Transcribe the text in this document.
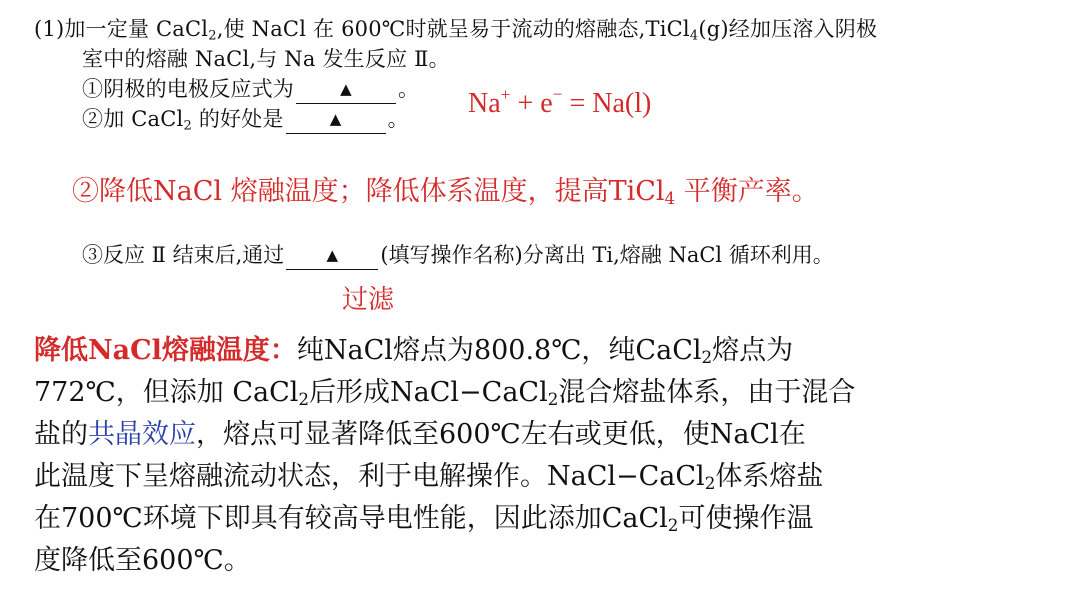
(1)加一定量 CaCl$_2$,使 NaCl 在 600℃时就呈易于流动的熔融态,TiCl$_4$(g)经加压溶入阴极
室中的熔融 NaCl,与 Na 发生反应 Ⅱ。
①阴极的电极反应式为	▲ 。
②加 CaCl$_2$ 的好处是	▲ 。	Na+ + e− = Na(l)
②降低NaCl 熔融温度；降低体系温度，提高TiCl$_4$ 平衡产率。
③反应 Ⅱ 结束后,通过	▲ (填写操作名称)分离出 Ti,熔融 NaCl 循环利用。
过滤
降低NaCl熔融温度：纯NaCl熔点为800.8℃，纯CaCl$_2$熔点为
772℃，但添加 CaCl$_2$后形成NaCl−CaCl$_2$混合熔盐体系，由于混合
盐的共晶效应，熔点可显著降低至600℃左右或更低，使NaCl在
此温度下呈熔融流动状态，利于电解操作。NaCl−CaCl$_2$体系熔盐
在700℃环境下即具有较高导电性能，因此添加CaCl$_2$可使操作温
度降低至600℃。
